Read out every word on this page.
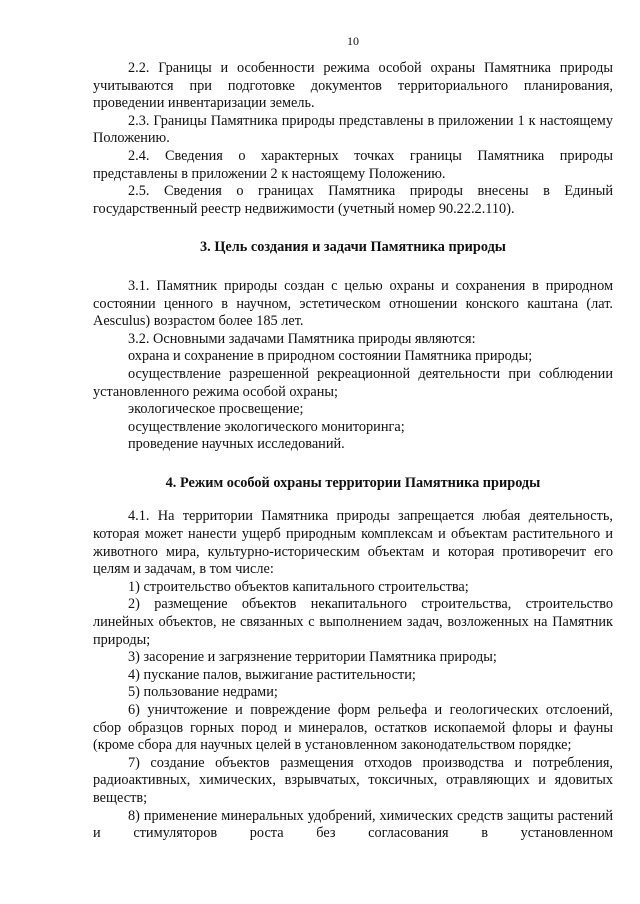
10

2.2. Границы и особенности режима особой охраны Памятника природы учитываются при подготовке документов территориального планирования, проведении инвентаризации земель.

2.3. Границы Памятника природы представлены в приложении 1 к настоящему Положению.

2.4. Сведения о характерных точках границы Памятника природы представлены в приложении 2 к настоящему Положению.

2.5. Сведения о границах Памятника природы внесены в Единый государственный реестр недвижимости (учетный номер 90.22.2.110).

3. Цель создания и задачи Памятника природы

3.1. Памятник природы создан с целью охраны и сохранения в природном состоянии ценного в научном, эстетическом отношении конского каштана (лат. Aesculus) возрастом более 185 лет.

3.2. Основными задачами Памятника природы являются:

охрана и сохранение в природном состоянии Памятника природы;

осуществление разрешенной рекреационной деятельности при соблюдении установленного режима особой охраны;

экологическое просвещение;

осуществление экологического мониторинга;

проведение научных исследований.

4. Режим особой охраны территории Памятника природы

4.1. На территории Памятника природы запрещается любая деятельность, которая может нанести ущерб природным комплексам и объектам растительного и животного мира, культурно-историческим объектам и которая противоречит его целям и задачам, в том числе:

1) строительство объектов капитального строительства;

2) размещение объектов некапитального строительства, строительство линейных объектов, не связанных с выполнением задач, возложенных на Памятник природы;

3) засорение и загрязнение территории Памятника природы;

4) пускание палов, выжигание растительности;

5) пользование недрами;

6) уничтожение и повреждение форм рельефа и геологических отслоений, сбор образцов горных пород и минералов, остатков ископаемой флоры и фауны (кроме сбора для научных целей в установленном законодательством порядке;

7) создание объектов размещения отходов производства и потребления, радиоактивных, химических, взрывчатых, токсичных, отравляющих и ядовитых веществ;

8) применение минеральных удобрений, химических средств защиты растений и стимуляторов роста без согласования в установленном
